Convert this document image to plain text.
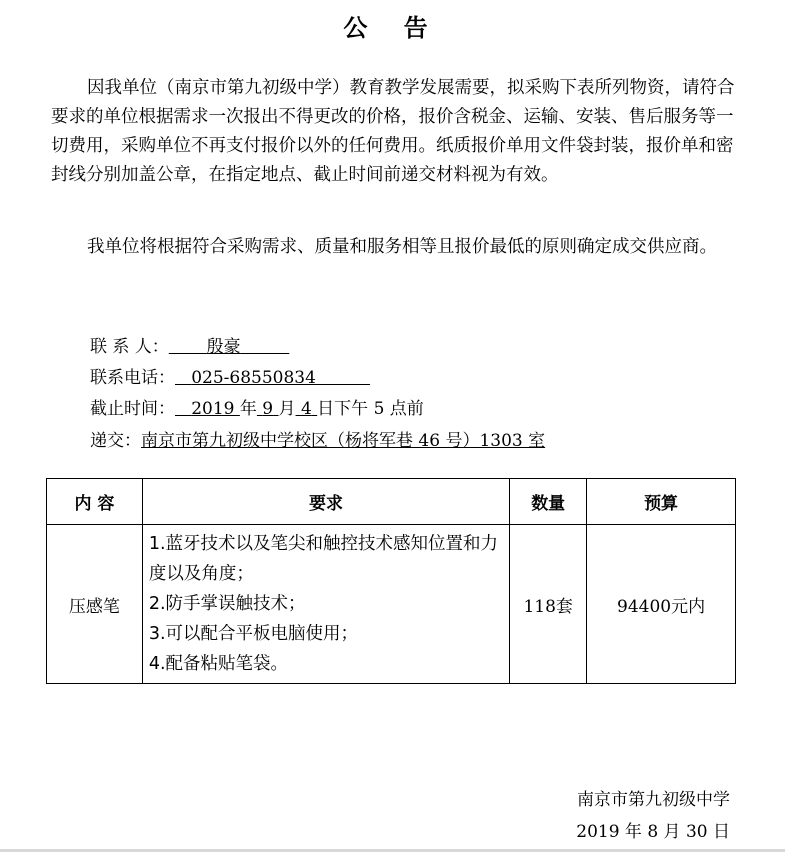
公 告
因我单位（南京市第九初级中学）教育教学发展需要，拟采购下表所列物资，请符合要求的单位根据需求一次报出不得更改的价格，报价含税金、运输、安装、售后服务等一切费用，采购单位不再支付报价以外的任何费用。纸质报价单用文件袋封装，报价单和密封线分别加盖公章，在指定地点、截止时间前递交材料视为有效。
我单位将根据符合采购需求、质量和服务相等且报价最低的原则确定成交供应商。
联 系 人： 殷豪
联系电话： 025-68550834
截止时间： 2019 年 9 月 4 日下午 5 点前
递交：南京市第九初级中学校区（杨将军巷 46 号）1303 室
内 容	要求	数量	预算
压感笔	1.蓝牙技术以及笔尖和触控技术感知位置和力度以及角度；
2.防手掌误触技术；
3.可以配合平板电脑使用；
4.配备粘贴笔袋。	118套	94400元内
南京市第九初级中学
2019 年 8 月 30 日
